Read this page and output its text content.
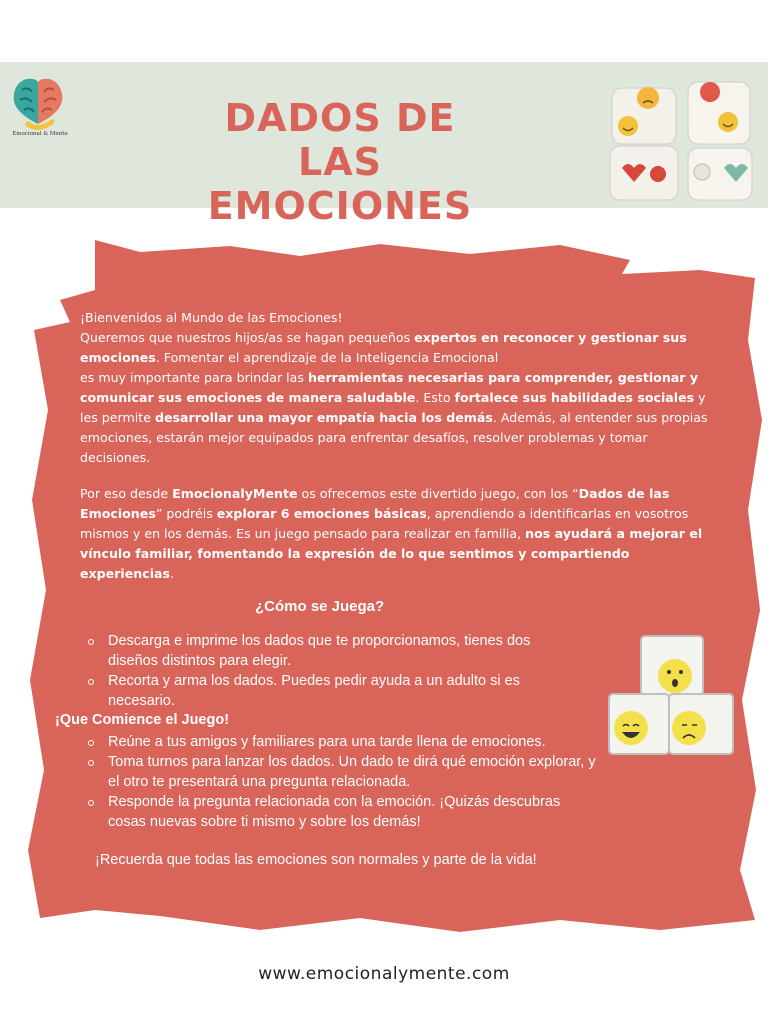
Emocional & Mente	DADOS DE LAS
EMOCIONES

¡Bienvenidos al Mundo de las Emociones!
Queremos que nuestros hijos/as se hagan pequeños expertos en reconocer y gestionar sus emociones. Fomentar el aprendizaje de la Inteligencia Emocional
es muy importante para brindar las herramientas necesarias para comprender, gestionar y comunicar sus emociones de manera saludable. Esto fortalece sus habilidades sociales y les permite desarrollar una mayor empatía hacia los demás. Además, al entender sus propias emociones, estarán mejor equipados para enfrentar desafíos, resolver problemas y tomar decisiones.

Por eso desde EmocionalyMente os ofrecemos este divertido juego, con los “Dados de las Emociones” podréis explorar 6 emociones básicas, aprendiendo a identificarlas en vosotros mismos y en los demás. Es un juego pensado para realizar en familia, nos ayudará a mejorar el vínculo familiar, fomentando la expresión de lo que sentimos y compartiendo experiencias.

¿Cómo se Juega?
Descarga e imprime los dados que te proporcionamos, tienes dos diseños distintos para elegir.
Recorta y arma los dados. Puedes pedir ayuda a un adulto si es necesario.
¡Que Comience el Juego!
Reúne a tus amigos y familiares para una tarde llena de emociones.
Toma turnos para lanzar los dados. Un dado te dirá qué emoción explorar, y el otro te presentará una pregunta relacionada.
Responde la pregunta relacionada con la emoción. ¡Quizás descubras cosas nuevas sobre ti mismo y sobre los demás!
¡Recuerda que todas las emociones son normales y parte de la vida!
www.emocionalymente.com
